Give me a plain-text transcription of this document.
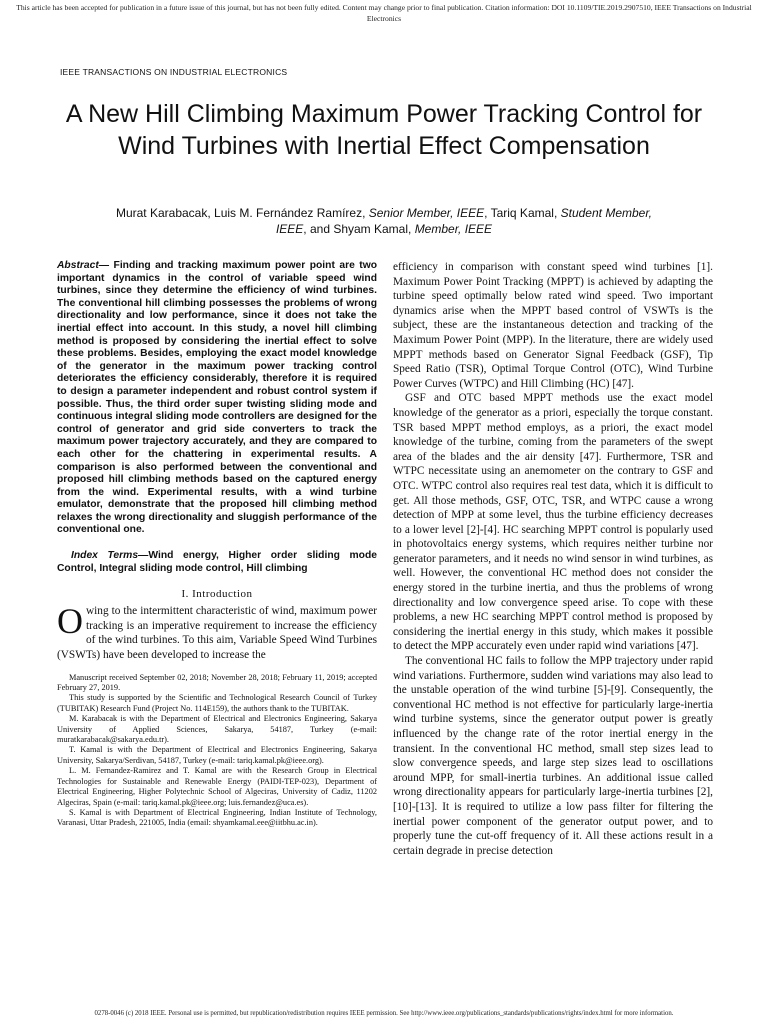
This article has been accepted for publication in a future issue of this journal, but has not been fully edited. Content may change prior to final publication. Citation information: DOI 10.1109/TIE.2019.2907510, IEEE Transactions on Industrial Electronics
IEEE TRANSACTIONS ON INDUSTRIAL ELECTRONICS
A New Hill Climbing Maximum Power Tracking Control for Wind Turbines with Inertial Effect Compensation
Murat Karabacak, Luis M. Fernández Ramírez, Senior Member, IEEE, Tariq Kamal, Student Member, IEEE, and Shyam Kamal, Member, IEEE

Abstract— Finding and tracking maximum power point are two important dynamics in the control of variable speed wind turbines, since they determine the efficiency of wind turbines. The conventional hill climbing possesses the problems of wrong directionality and low performance, since it does not take the inertial effect into account. In this study, a novel hill climbing method is proposed by considering the inertial effect to solve these problems. Besides, employing the exact model knowledge of the generator in the maximum power tracking control deteriorates the efficiency considerably, therefore it is required to design a parameter independent and robust control system if possible. Thus, the third order super twisting sliding mode and continuous integral sliding mode controllers are designed for the control of generator and grid side converters to track the maximum power trajectory accurately, and they are compared to each other for the chattering in experimental results. A comparison is also performed between the conventional and proposed hill climbing methods based on the captured energy from the wind. Experimental results, with a wind turbine emulator, demonstrate that the proposed hill climbing method relaxes the wrong directionality and sluggish performance of the conventional one.

Index Terms—Wind energy, Higher order sliding mode Control, Integral sliding mode control, Hill climbing

I. Introduction

Owing to the intermittent characteristic of wind, maximum power tracking is an imperative requirement to increase the efficiency of the wind turbines. To this aim, Variable Speed Wind Turbines (VSWTs) have been developed to increase the

Manuscript received September 02, 2018; November 28, 2018; February 11, 2019; accepted February 27, 2019.

This study is supported by the Scientific and Technological Research Council of Turkey (TUBITAK) Research Fund (Project No. 114E159), the authors thank to the TUBITAK.

M. Karabacak is with the Department of Electrical and Electronics Engineering, Sakarya University of Applied Sciences, Sakarya, 54187, Turkey (e-mail: muratkarabacak@sakarya.edu.tr).

T. Kamal is with the Department of Electrical and Electronics Engineering, Sakarya University, Sakarya/Serdivan, 54187, Turkey (e-mail: tariq.kamal.pk@ieee.org).

L. M. Fernandez-Ramirez and T. Kamal are with the Research Group in Electrical Technologies for Sustainable and Renewable Energy (PAIDI-TEP-023), Department of Electrical Engineering, Higher Polytechnic School of Algeciras, University of Cadiz, 11202 Algeciras, Spain (e-mail: tariq.kamal.pk@ieee.org; luis.fernandez@uca.es).

S. Kamal is with Department of Electrical Engineering, Indian Institute of Technology, Varanasi, Uttar Pradesh, 221005, India (email: shyamkamal.eee@iitbhu.ac.in).

efficiency in comparison with constant speed wind turbines [1]. Maximum Power Point Tracking (MPPT) is achieved by adapting the turbine speed optimally below rated wind speed. Two important dynamics arise when the MPPT based control of VSWTs is the subject, these are the instantaneous detection and tracking of the Maximum Power Point (MPP). In the literature, there are widely used MPPT methods based on Generator Signal Feedback (GSF), Tip Speed Ratio (TSR), Optimal Torque Control (OTC), Wind Turbine Power Curves (WTPC) and Hill Climbing (HC) [47].

GSF and OTC based MPPT methods use the exact model knowledge of the generator as a priori, especially the torque constant. TSR based MPPT method employs, as a priori, the exact model knowledge of the turbine, coming from the parameters of the swept area of the blades and the air density [47]. Furthermore, TSR and WTPC necessitate using an anemometer on the contrary to GSF and OTC. WTPC control also requires real test data, which it is difficult to get. All those methods, GSF, OTC, TSR, and WTPC cause a wrong detection of MPP at some level, thus the turbine efficiency decreases to a lower level [2]-[4]. HC searching MPPT control is popularly used in photovoltaics energy systems, which requires neither turbine nor generator parameters, and it needs no wind sensor in wind turbines, as well. However, the conventional HC method does not consider the energy stored in the turbine inertia, and thus the problems of wrong directionality and low convergence speed arise. To cope with these problems, a new HC searching MPPT control method is proposed by considering the inertial energy in this study, which makes it possible to detect the MPP accurately even under rapid wind variations [47].

The conventional HC fails to follow the MPP trajectory under rapid wind variations. Furthermore, sudden wind variations may also lead to the unstable operation of the wind turbine [5]-[9]. Consequently, the conventional HC method is not effective for particularly large-inertia wind turbine systems, since the generator output power is greatly influenced by the change rate of the rotor inertial energy in the transient. In the conventional HC method, small step sizes lead to slow convergence speeds, and large step sizes lead to oscillations around MPP, for small-inertia turbines. An additional issue called wrong directionality appears for particularly large-inertia turbines [2], [10]-[13]. It is required to utilize a low pass filter for filtering the inertial power component of the generator output power, and to properly tune the cut-off frequency of it. All these actions result in a certain degrade in precise detection

0278-0046 (c) 2018 IEEE. Personal use is permitted, but republication/redistribution requires IEEE permission. See http://www.ieee.org/publications_standards/publications/rights/index.html for more information.
